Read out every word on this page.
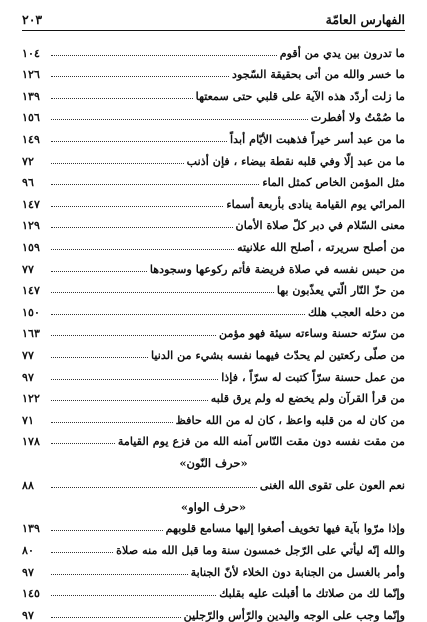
الفهارس العامّة
٢٠٣
ما تدرون بين يدي من أقوم
١٠٤
ما خسر والله من أتى بحقيقة السّجود
١٢٦
ما زلت أردّد هذه الآية على قلبي حتى سمعتها
١٣٩
ما صُمْتُ ولا أفطرت
١٥٦
ما من عبد أسر خيراً فذهبت الأيّام أبداً
١٤٩
ما من عبد إلّا وفي قلبه نقطة بيضاء ، فإن أذنب
٧٢
مثل المؤمن الخاص كمثل الماء
٩٦
المرائي يوم القيامة ينادى بأربعة أسماء
١٤٧
معنى السّلام في دبر كلّ صلاة الأمان
١٢٩
من أصلح سريرته ، أصلح الله علانيته
١٥٩
من حبس نفسه في صلاة فريضة فأتم ركوعها وسجودها
٧٧
من حزّ النّار الّتي يعذّبون بها
١٤٧
من دخله العجب هلك
١٥٠
من سرّته حسنة وساءته سيئة فهو مؤمن
١٦٣
من صلّى ركعتين لم يحدّث فيهما نفسه بشيء من الدنيا
٧٧
من عمل حسنة سرّاً كتبت له سرّاً ، فإذا
٩٧
من قرأ القرآن ولم يخضع له ولم يرق قلبه
١٢٢
من كان له من قلبه واعظ ، كان له من الله حافظ
٧١
من مقت نفسه دون مقت النّاس آمنه الله من فزع يوم القيامة
١٧٨
«حرف النّون»
نعم العون على تقوى الله الغنى
٨٨
«حرف الواو»
وإذا مرّوا بآية فيها تخويف أصغوا إليها مسامع قلوبهم
١٣٩
والله إنّه ليأتي على الرّجل خمسون سنة وما قبل الله منه صلاة
٨٠
وأمر بالغسل من الجنابة دون الخلاء لأنّ الجنابة
٩٧
وإنّما لك من صلاتك ما أقبلت عليه بقلبك
١٤٥
وإنّما وجب على الوجه واليدين والرّأس والرّجلين
٩٧
